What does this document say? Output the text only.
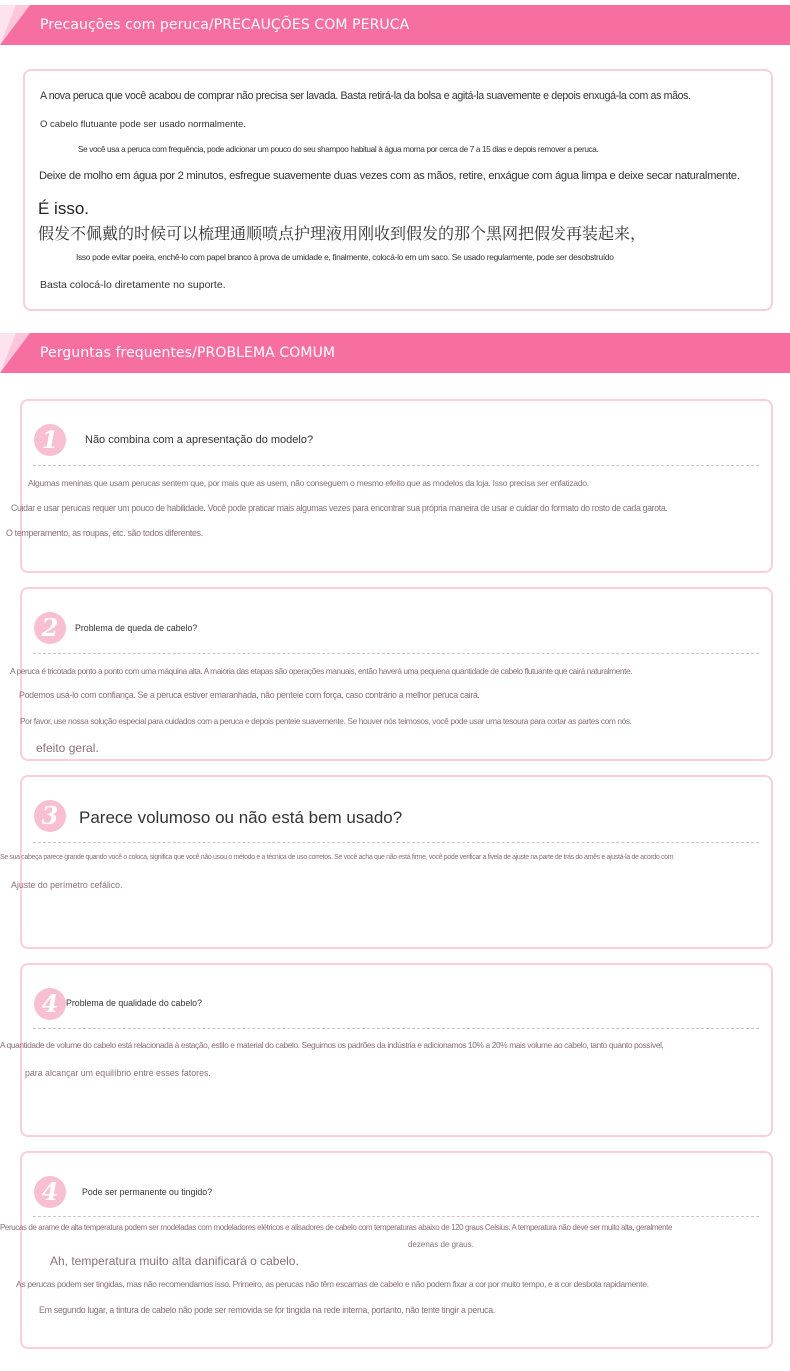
Precauções com peruca/PRECAUÇÕES COM PERUCA
A nova peruca que você acabou de comprar não precisa ser lavada. Basta retirá-la da bolsa e agitá-la suavemente e depois enxugá-la com as mãos.
O cabelo flutuante pode ser usado normalmente.
Se você usa a peruca com frequência, pode adicionar um pouco do seu shampoo habitual à água morna por cerca de 7 a 15 dias e depois remover a peruca.
Deixe de molho em água por 2 minutos, esfregue suavemente duas vezes com as mãos, retire, enxágue com água limpa e deixe secar naturalmente.
É isso.
假发不佩戴的时候可以梳理通顺喷点护理液用刚收到假发的那个黑网把假发再装起来，
Isso pode evitar poeira, enchê-lo com papel branco à prova de umidade e, finalmente, colocá-lo em um saco. Se usado regularmente, pode ser desobstruído
Basta colocá-lo diretamente no suporte.
Perguntas frequentes/PROBLEMA COMUM
1	Não combina com a apresentação do modelo?
Algumas meninas que usam perucas sentem que, por mais que as usem, não conseguem o mesmo efeito que as modelos da loja. Isso precisa ser enfatizado.
Cuidar e usar perucas requer um pouco de habilidade. Você pode praticar mais algumas vezes para encontrar sua própria maneira de usar e cuidar do formato do rosto de cada garota.
O temperamento, as roupas, etc. são todos diferentes.
2	Problema de queda de cabelo?
A peruca é tricotada ponto a ponto com uma máquina alta. A maioria das etapas são operações manuais, então haverá uma pequena quantidade de cabelo flutuante que cairá naturalmente.
Podemos usá-lo com confiança. Se a peruca estiver emaranhada, não penteie com força, caso contrário a melhor peruca cairá.
Por favor, use nossa solução especial para cuidados com a peruca e depois penteie suavemente. Se houver nós teimosos, você pode usar uma tesoura para cortar as partes com nós.
efeito geral.
3	Parece volumoso ou não está bem usado?
Se sua cabeça parece grande quando você o coloca, significa que você não usou o método e a técnica de uso corretos. Se você acha que não está firme, você pode verificar a fivela de ajuste na parte de trás do arnês e ajustá-la de acordo com
Ajuste do perímetro cefálico.
4 Problema de qualidade do cabelo?
A quantidade de volume do cabelo está relacionada à estação, estilo e material do cabelo. Seguimos os padrões da indústria e adicionamos 10% a 20% mais volume ao cabelo, tanto quanto possível,
para alcançar um equilíbrio entre esses fatores.
4	Pode ser permanente ou tingido?
Perucas de arame de alta temperatura podem ser modeladas com modeladores elétricos e alisadores de cabelo com temperaturas abaixo de 120 graus Celsius. A temperatura não deve ser muito alta, geralmente
dezenas de graus.
Ah, temperatura muito alta danificará o cabelo.
As perucas podem ser tingidas, mas não recomendamos isso. Primeiro, as perucas não têm escamas de cabelo e não podem fixar a cor por muito tempo, e a cor desbota rapidamente.
Em segundo lugar, a tintura de cabelo não pode ser removida se for tingida na rede interna, portanto, não tente tingir a peruca.
